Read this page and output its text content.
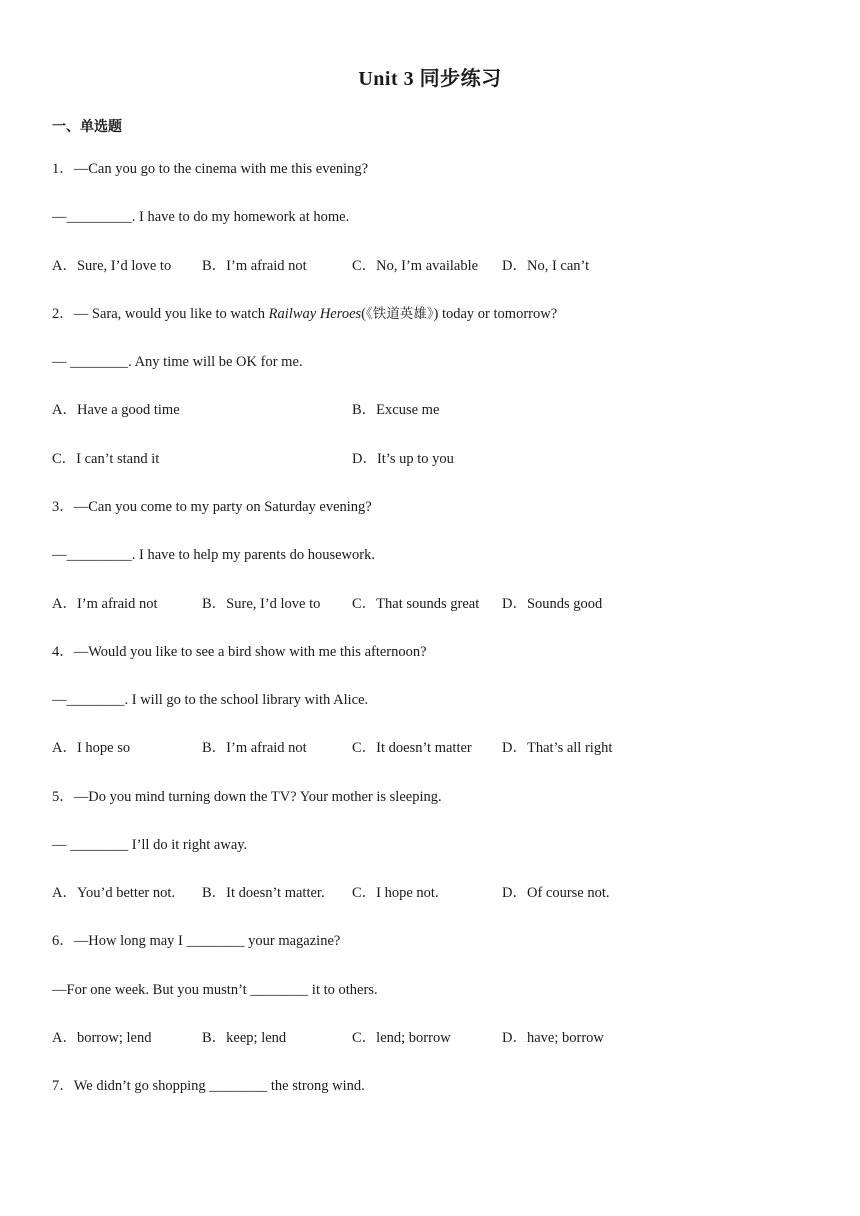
Unit 3 同步练习
一、单选题
1．—Can you go to the cinema with me this evening?
—_________. I have to do my homework at home.
A．Sure, I’d love to B．I’m afraid not	C．No, I’m available D．No, I can’t
2．— Sara, would you like to watch Railway Heroes(《铁道英雄》) today or tomorrow?
— ________. Any time will be OK for me.
A．Have a good time	B．Excuse me
C．I can’t stand it	D．It’s up to you
3．—Can you come to my party on Saturday evening?
—_________. I have to help my parents do housework.
A．I’m afraid not	B．Sure, I’d love to C．That sounds great D．Sounds good
4．—Would you like to see a bird show with me this afternoon?
—________. I will go to the school library with Alice.
A．I hope so	B．I’m afraid not	C．It doesn’t matter D．That’s all right
5．—Do you mind turning down the TV? Your mother is sleeping.
— ________ I’ll do it right away.
A．You’d better not. B．It doesn’t matter. C．I hope not.	D．Of course not.
6．—How long may I ________ your magazine?
—For one week. But you mustn’t ________ it to others.
A．borrow; lend	B．keep; lend	C．lend; borrow	D．have; borrow
7．We didn’t go shopping ________ the strong wind.
